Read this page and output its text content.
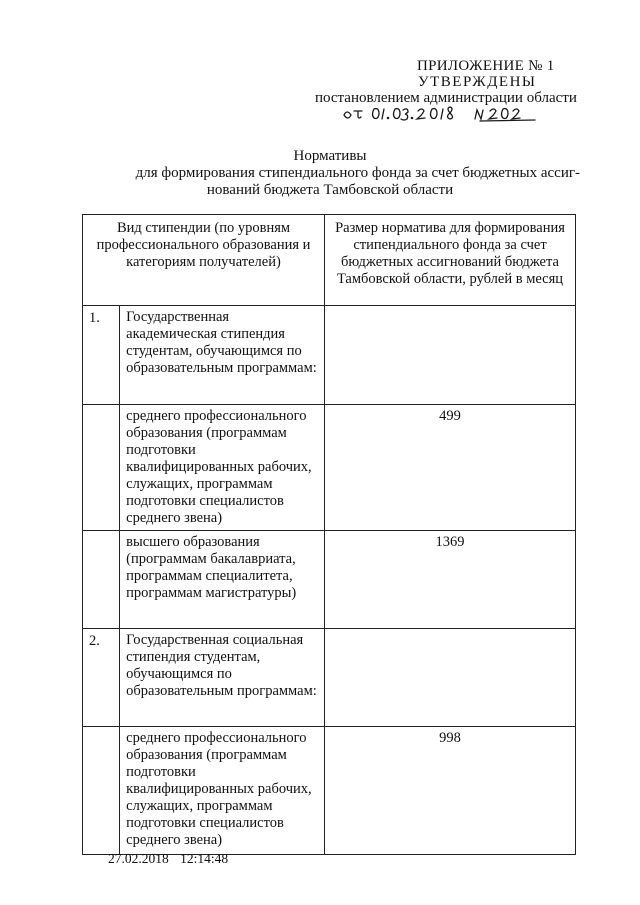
ПРИЛОЖЕНИЕ № 1
УТВЕРЖДЕНЫ
постановлением администрации области
Нормативы
для формирования стипендиального фонда за счет бюджетных ассиг-
нований бюджета Тамбовской области
Вид стипендии (по уровням профессионального образования и категориям получателей)		Размер норматива для формирования стипендиального фонда за счет бюджетных ассигнований бюджета Тамбовской области, рублей в месяц
1.	Государственная академическая стипендия студентам, обучающимся по образовательным программам:	
	среднего профессионального образования (программам подготовки квалифицированных рабочих, служащих, программам подготовки специалистов среднего звена)	499
	высшего образования (программам бакалавриата, программам специалитета, программам магистратуры)	1369
2.	Государственная социальная стипендия студентам, обучающимся по образовательным программам:	
	среднего профессионального образования (программам подготовки квалифицированных рабочих, служащих, программам подготовки специалистов среднего звена)	998
27.02.2018 12:14:48
